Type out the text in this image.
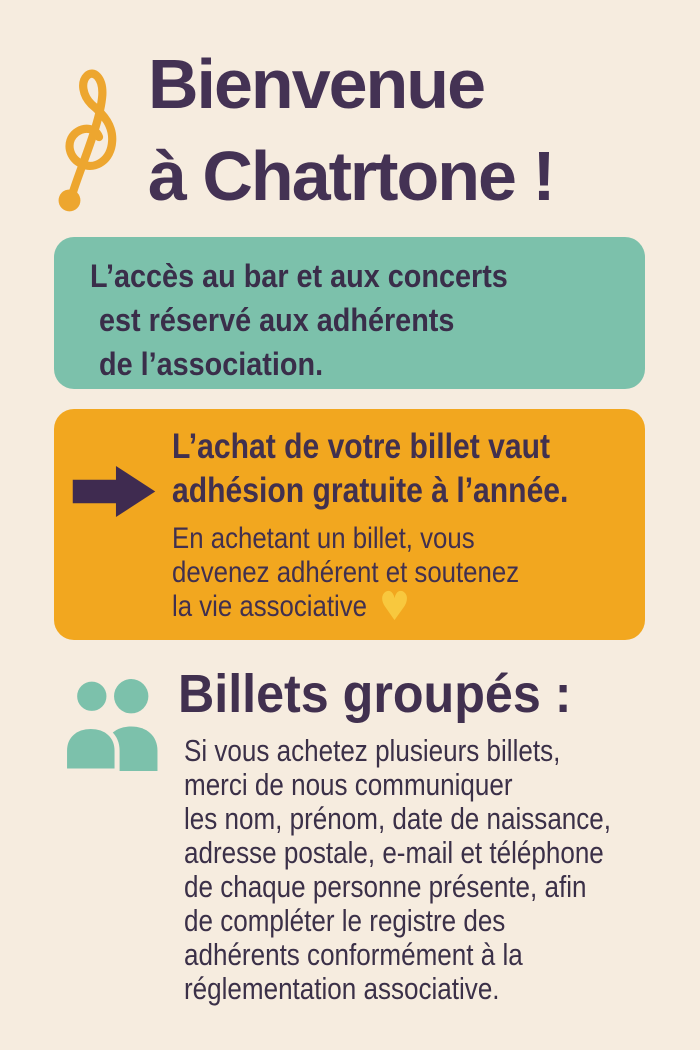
Bienvenue
à Chatrtone !
L’accès au bar et aux concerts
est réservé aux adhérents
de l’association.
L’achat de votre billet vaut
adhésion gratuite à l’année.
En achetant un billet, vous
devenez adhérent et soutenez
la vie associative ♥
Billets groupés :
Si vous achetez plusieurs billets,
merci de nous communiquer
les nom, prénom, date de naissance,
adresse postale, e-mail et téléphone
de chaque personne présente, afin
de compléter le registre des
adhérents conformément à la
réglementation associative.
